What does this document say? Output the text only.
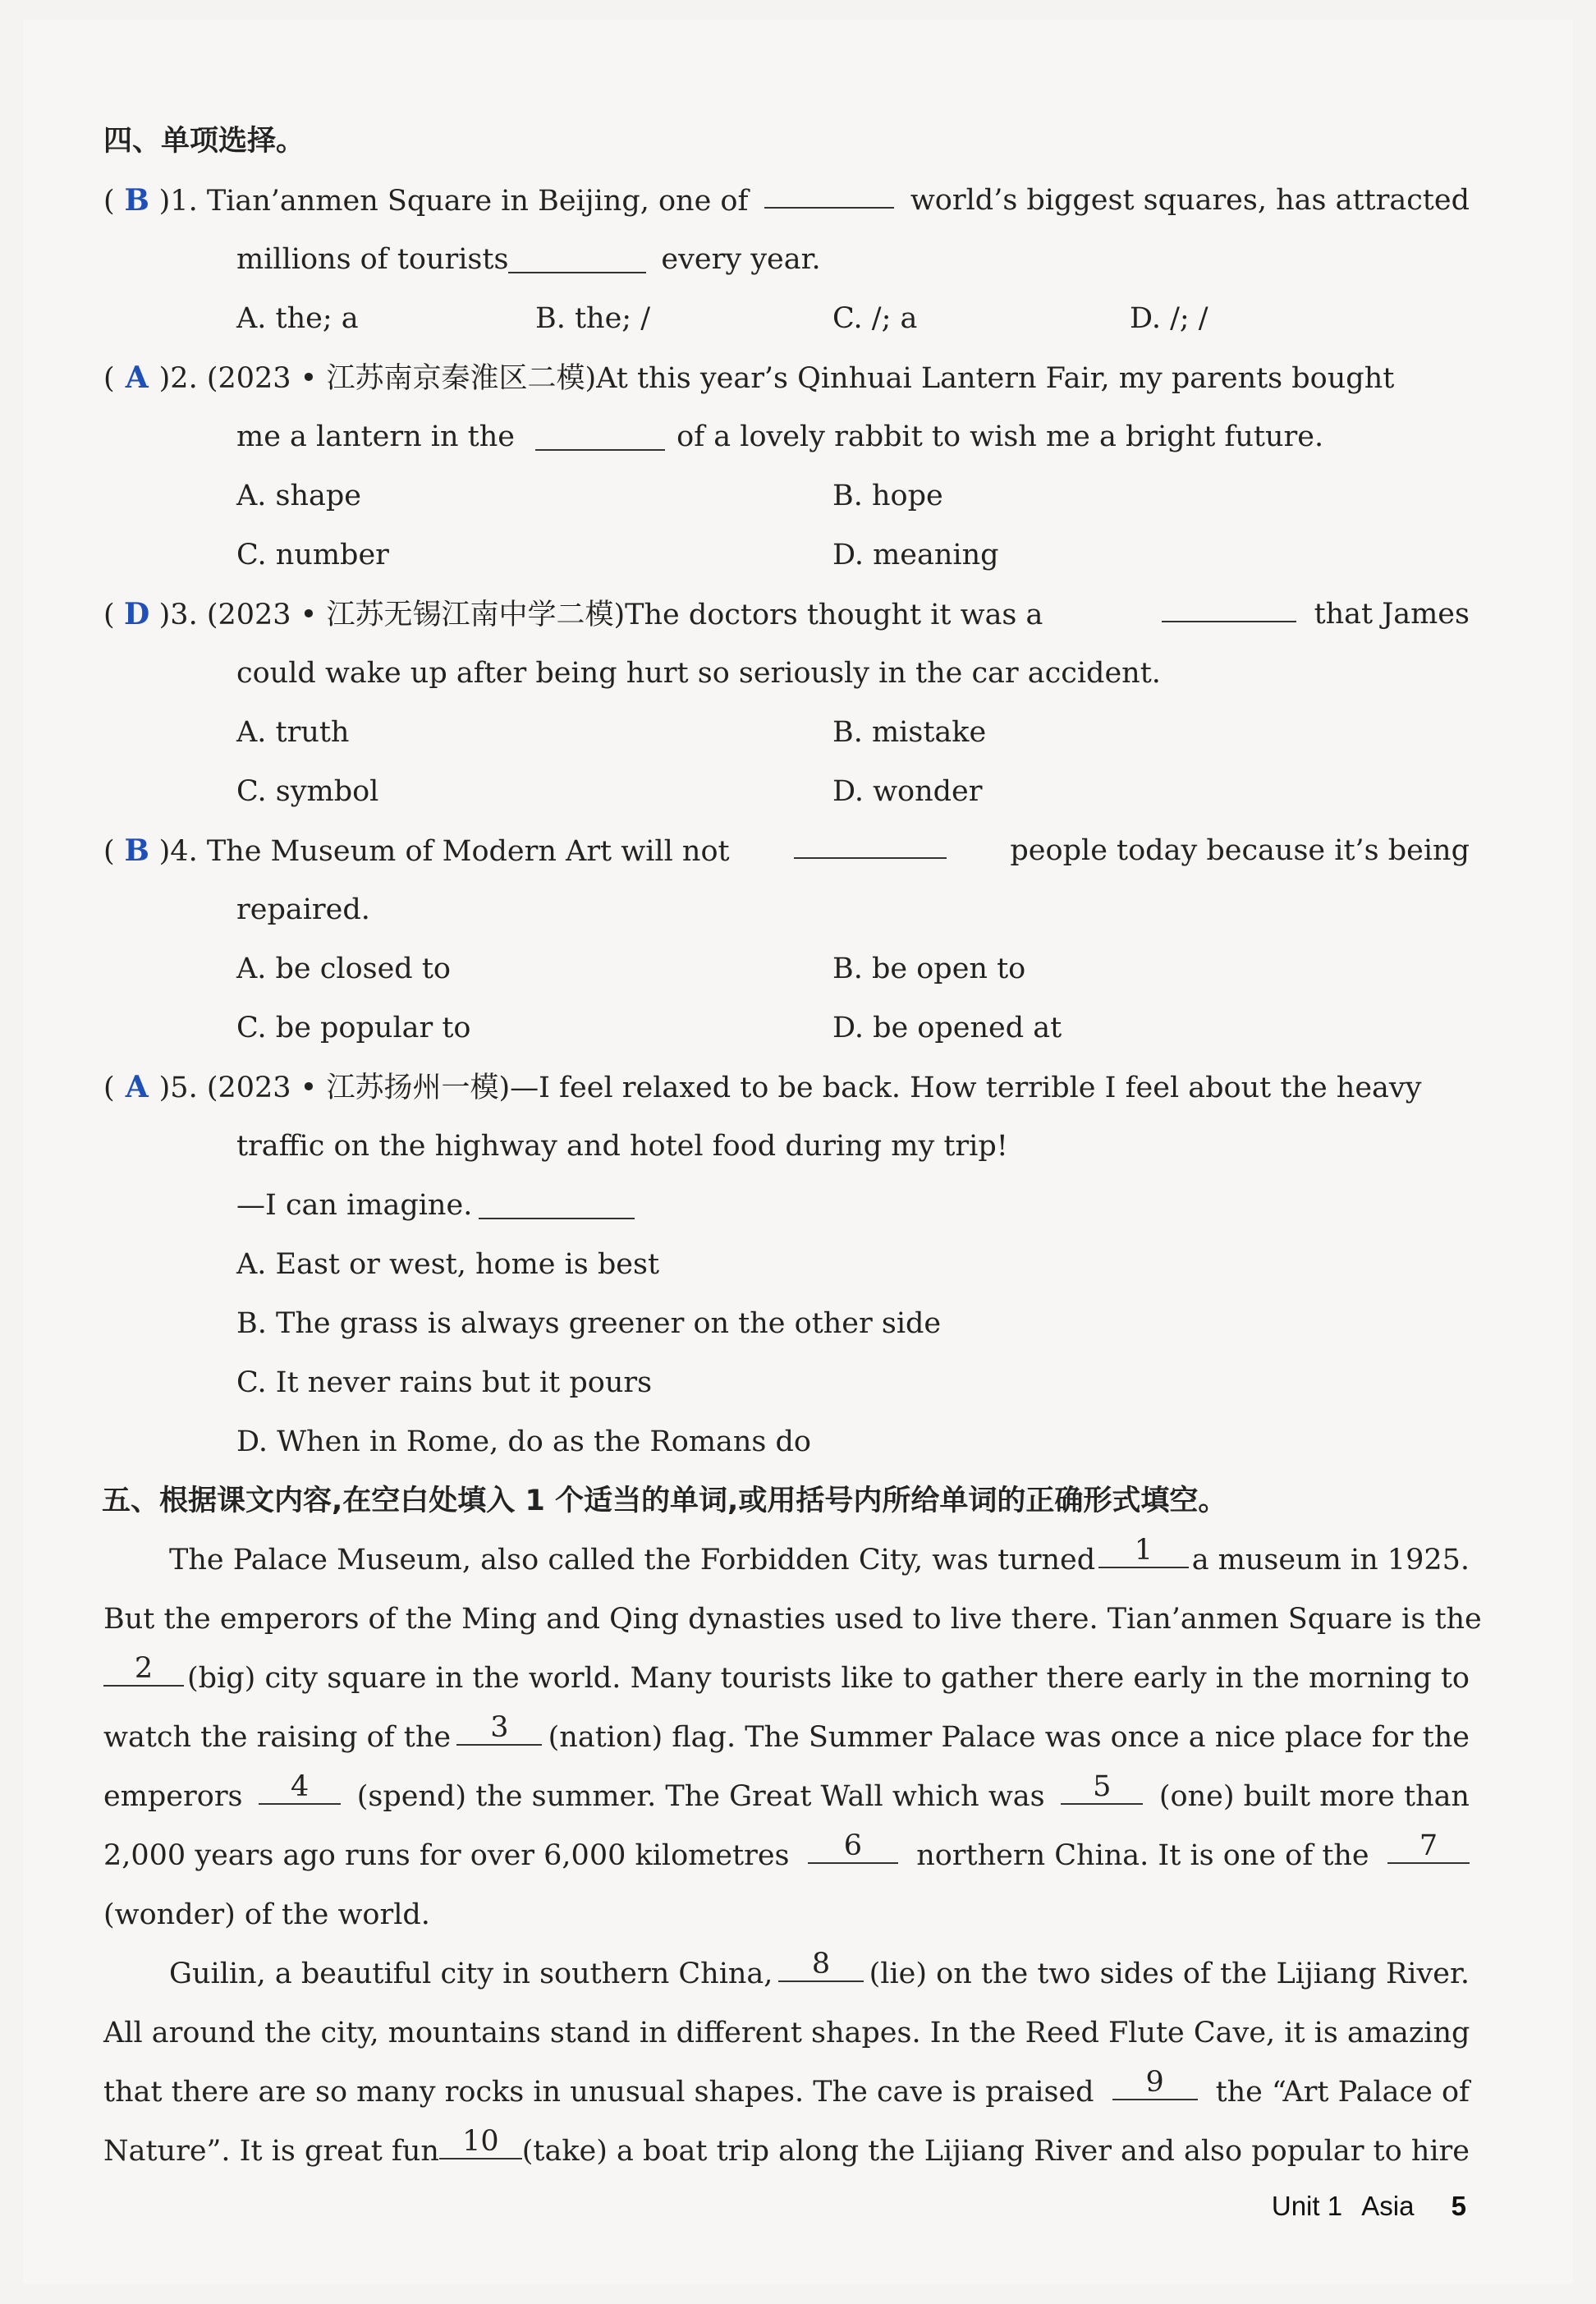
四、单项选择。
( B )1. Tian’anmen Square in Beijing, one of	world’s biggest squares, has attracted
millions of tourists	every year.
A. the; a	B. the; /	C. /; a	D. /; /
( A )2. (2023 • 江苏南京秦淮区二模)At this year’s Qinhuai Lantern Fair, my parents bought
me a lantern in the	of a lovely rabbit to wish me a bright future.
A. shape	B. hope
C. number	D. meaning
( D )3. (2023 • 江苏无锡江南中学二模)The doctors thought it was a	that James
could wake up after being hurt so seriously in the car accident.
A. truth	B. mistake
C. symbol	D. wonder
( B )4. The Museum of Modern Art will not	people today because it’s being
repaired.
A. be closed to	B. be open to
C. be popular to	D. be opened at
( A )5. (2023 • 江苏扬州一模)—I feel relaxed to be back. How terrible I feel about the heavy
traffic on the highway and hotel food during my trip!
—I can imagine.
A. East or west, home is best
B. The grass is always greener on the other side
C. It never rains but it pours
D. When in Rome, do as the Romans do
五、根据课文内容,在空白处填入 1 个适当的单词,或用括号内所给单词的正确形式填空。
The Palace Museum, also called the Forbidden City, was turned	1	a museum in 1925.
But the emperors of the Ming and Qing dynasties used to live there. Tian’anmen Square is the
2	(big) city square in the world. Many tourists like to gather there early in the morning to
watch the raising of the	3	(nation) flag. The Summer Palace was once a nice place for the
emperors	4	(spend) the summer. The Great Wall which was	5	(one) built more than
2,000 years ago runs for over 6,000 kilometres	6	northern China. It is one of the	7
(wonder) of the world.
Guilin, a beautiful city in southern China,	8	(lie) on the two sides of the Lijiang River.
All around the city, mountains stand in different shapes. In the Reed Flute Cave, it is amazing
that there are so many rocks in unusual shapes. The cave is praised	9	the “Art Palace of
Nature”. It is great fun 10 (take) a boat trip along the Lijiang River and also popular to hire
Unit 1 Asia 5
